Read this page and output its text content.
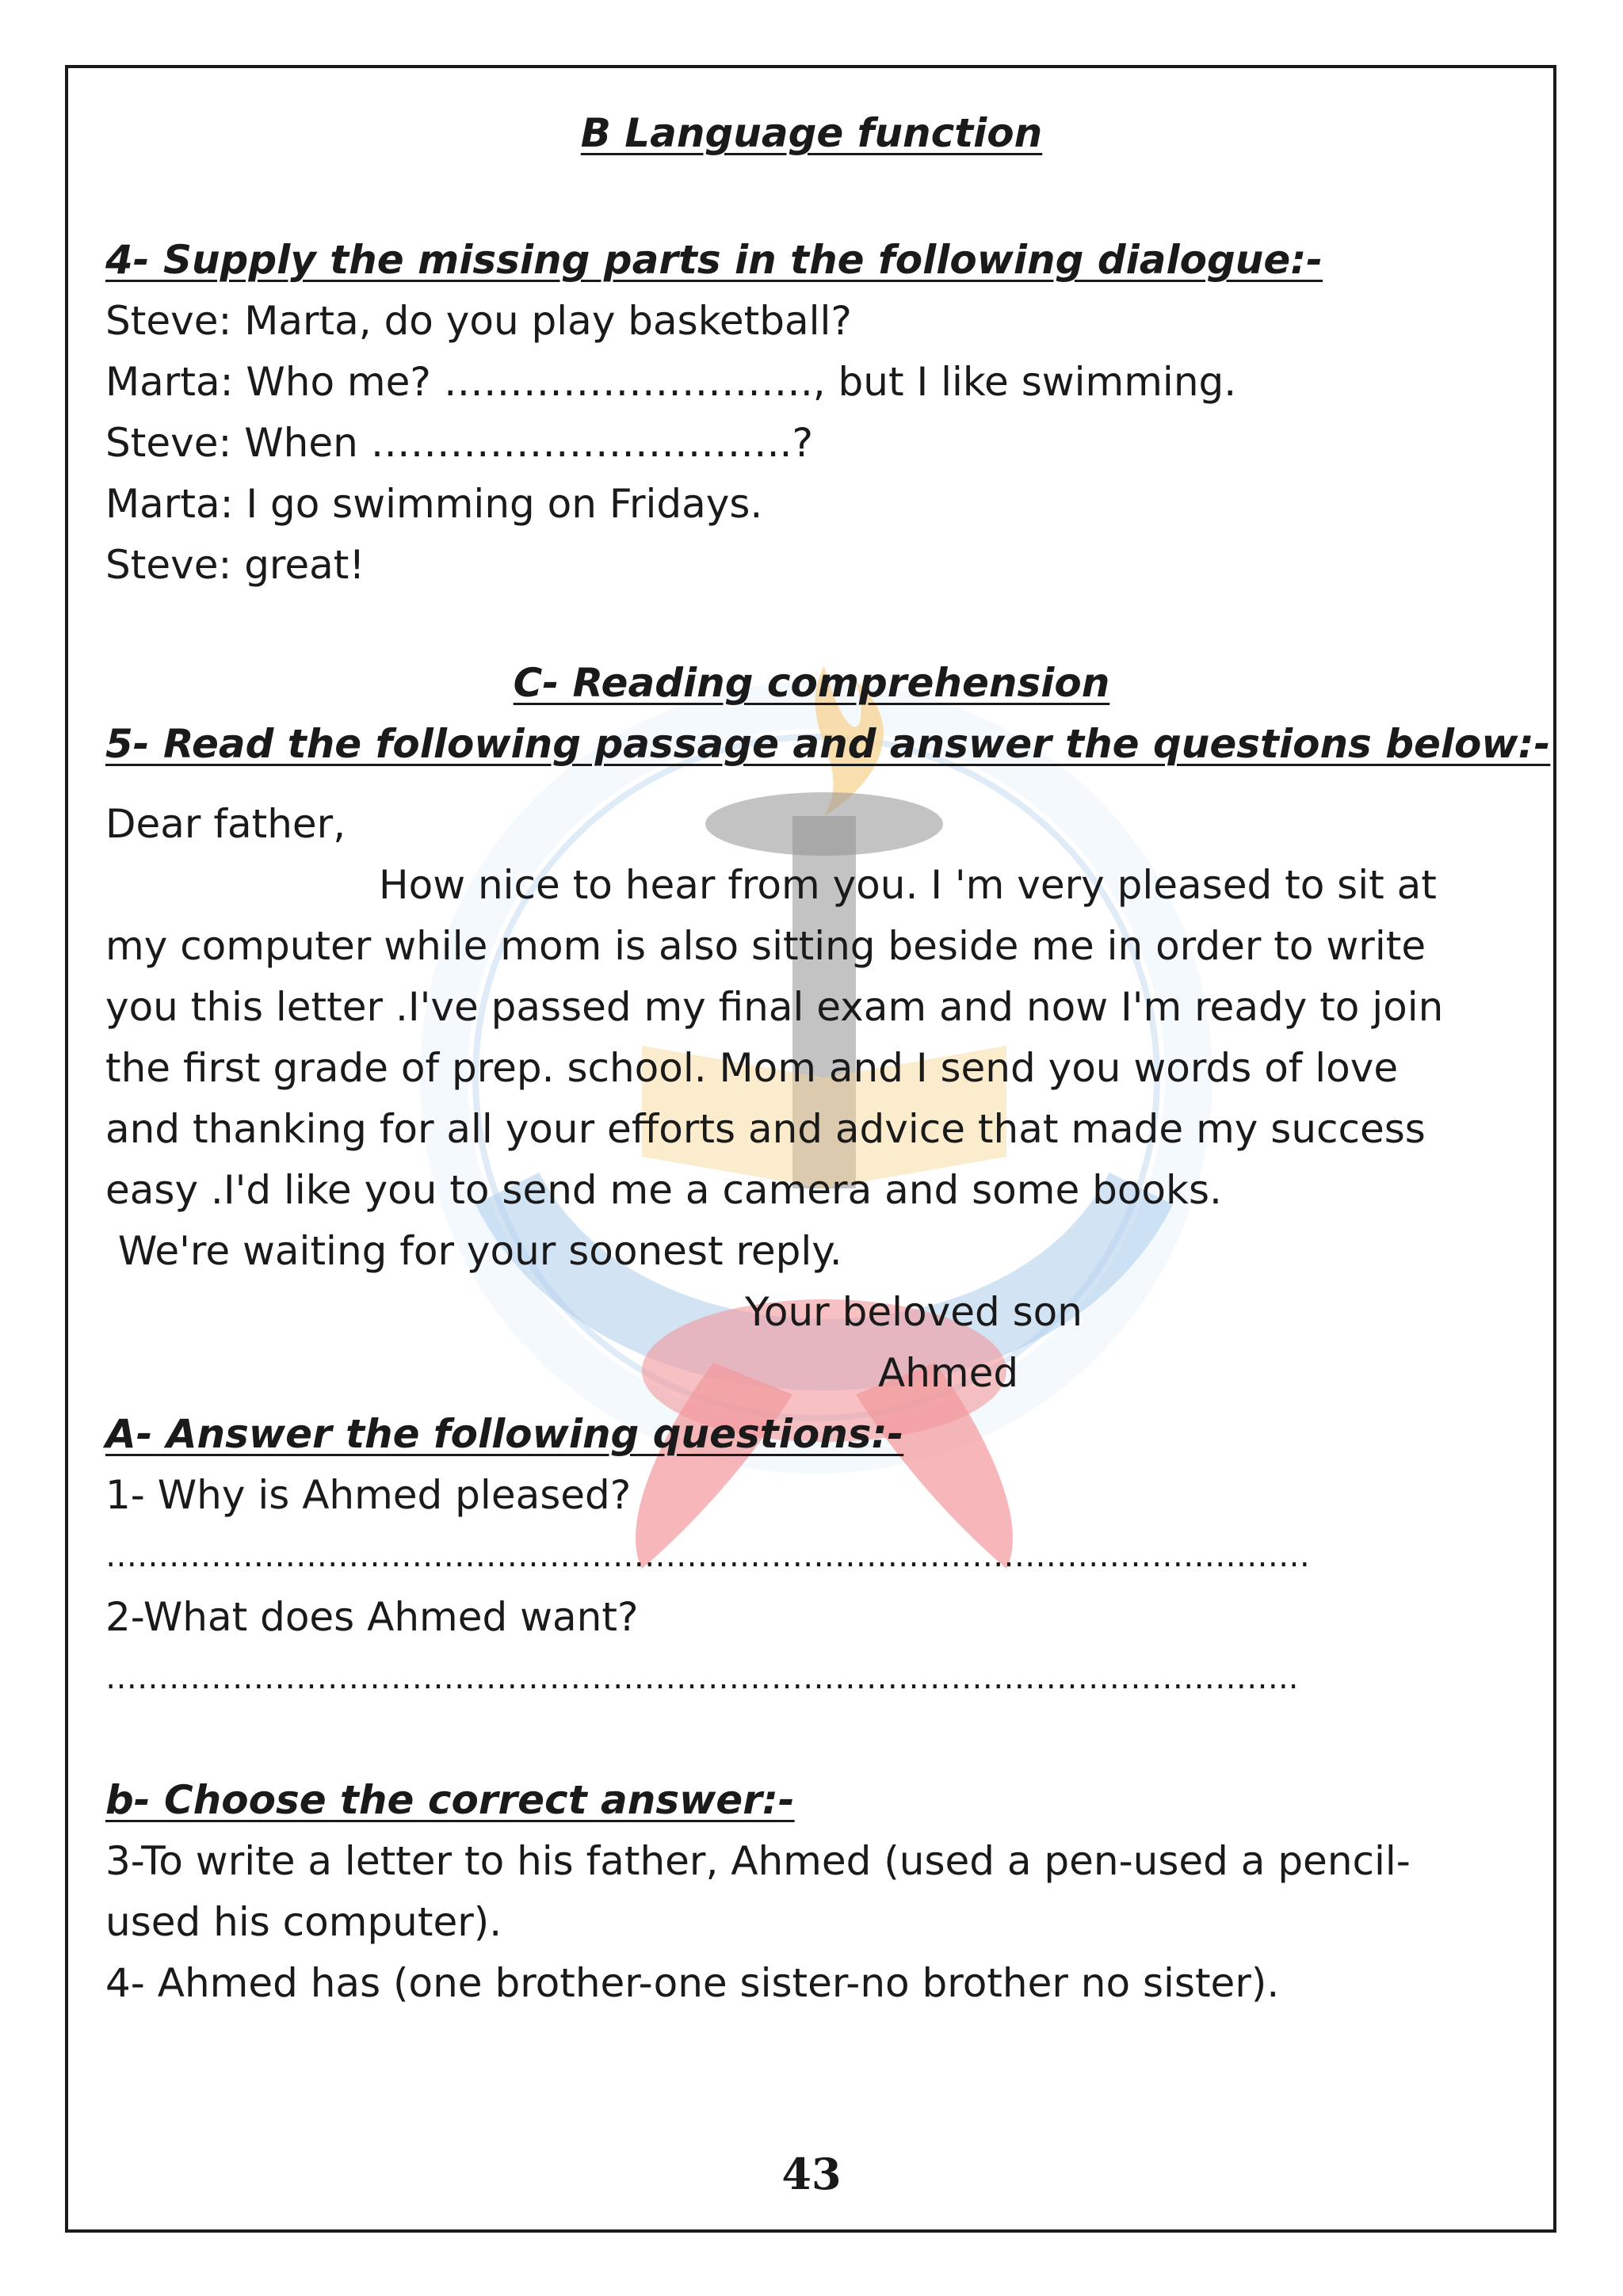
B Language function
4- Supply the missing parts in the following dialogue:-
Steve: Marta, do you play basketball?
Marta: Who me? ………………………., but I like swimming.
Steve: When …………………………..?
Marta: I go swimming on Fridays.
Steve: great!
C- Reading comprehension
5- Read the following passage and answer the questions below:-
Dear father,
How nice to hear from you. I 'm very pleased to sit at
my computer while mom is also sitting beside me in order to write
you this letter .I've passed my final exam and now I'm ready to join
the first grade of prep. school. Mom and I send you words of love
and thanking for all your efforts and advice that made my success
easy .I'd like you to send me a camera and some books.
We're waiting for your soonest reply.
Your beloved son
Ahmed
A- Answer the following questions:-
1- Why is Ahmed pleased?
……………………………………………………………………………………………………
2-What does Ahmed want?
…………………………………………………………………………………………………..
b- Choose the correct answer:-
3-To write a letter to his father, Ahmed (used a pen-used a pencil-
used his computer).
4- Ahmed has (one brother-one sister-no brother no sister).
43
